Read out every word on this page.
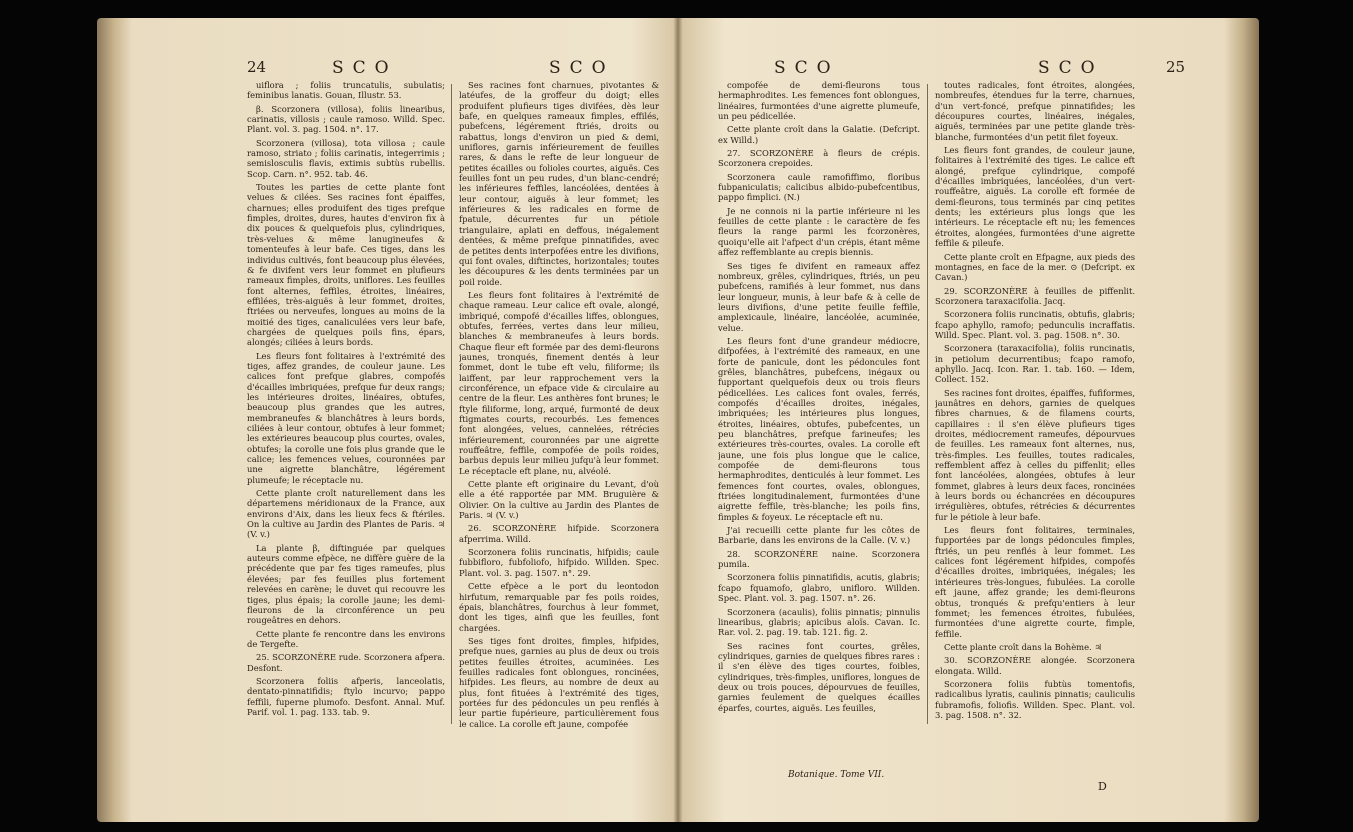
24	SCO	SCO

uiflora ; foliis truncatulis, subulatis; feminibus lanatis. Gouan, Illustr. 53.

β. Scorzonera (villosa), foliis linearibus, carinatis, villosis ; caule ramoso. Willd. Spec. Plant. vol. 3. pag. 1504. n°. 17.

Scorzonera (villosa), tota villosa ; caule ramoso, striato ; foliis carinatis, integerrimis ; semislosculis flavis, extimis subtùs rubellis. Scop. Carn. n°. 952. tab. 46.

Toutes les parties de cette plante font velues & cilées. Ses racines font épaiffes, charnues; elles produifent des tiges prefque fimples, droites, dures, hautes d'environ fix à dix pouces & quelquefois plus, cylindriques, très-velues & même lanugineufes & tomenteufes à leur bafe. Ces tiges, dans les individus cultivés, font beaucoup plus élevées, & fe divifent vers leur fommet en plufieurs rameaux fimples, droits, uniflores. Les feuilles font alternes, feffiles, étroites, linéaires, effilées, très-aiguës à leur fommet, droites, ftriées ou nerveufes, longues au moins de la moitié des tiges, canaliculées vers leur bafe, chargées de quelques poils fins, épars, alongés; ciliées à leurs bords.

Les fleurs font folitaires à l'extrémité des tiges, affez grandes, de couleur jaune. Les calices font prefque glabres, compofés d'écailles imbriquées, prefque fur deux rangs; les intérieures droites, linéaires, obtufes, beaucoup plus grandes que les autres, membraneufes & blanchâtres à leurs bords, ciliées à leur contour, obtufes à leur fommet; les extérieures beaucoup plus courtes, ovales, obtufes; la corolle une fois plus grande que le calice; les femences velues, couronnées par une aigrette blanchâtre, légérement plumeufe; le réceptacle nu.

Cette plante croît naturellement dans les départemens méridionaux de la France, aux environs d'Aix, dans les lieux fecs & ftériles. On la cultive au Jardin des Plantes de Paris. ♃ (V. v.)

La plante β, diftinguée par quelques auteurs comme efpèce, ne diffère guère de la précédente que par fes tiges rameufes, plus élevées; par fes feuilles plus fortement relevées en carène; le duvet qui recouvre les tiges, plus épais; la corolle jaune; les demi-fleurons de la circonférence un peu rougeâtres en dehors.

Cette plante fe rencontre dans les environs de Tergefte.

25. SCORZONÈRE rude. Scorzonera afpera. Desfont.

Scorzonera foliis afperis, lanceolatis, dentato-pinnatifidis; ftylo incurvo; pappo feffili, fuperne plumofo. Desfont. Annal. Muf. Parif. vol. 1. pag. 133. tab. 9.

Ses racines font charnues, pivotantes & latéufes, de la groffeur du doigt; elles produifent plufieurs tiges divifées, dès leur bafe, en quelques rameaux fimples, effilés, pubefcens, légérement ftriés, droits ou rabattus, longs d'environ un pied & demi, uniflores, garnis inférieurement de feuilles rares, & dans le refte de leur longueur de petites écailles ou folioles courtes, aiguës. Ces feuilles font un peu rudes, d'un blanc-cendré; les inférieures feffiles, lancéolées, dentées à leur contour, aiguës à leur fommet; les inférieures & les radicales en forme de fpatule, décurrentes fur un pétiole triangulaire, aplati en deffous, inégalement dentées, & même prefque pinnatifides, avec de petites dents interpofées entre les divifions, qui font ovales, diftinctes, horizontales; toutes les découpures & les dents terminées par un poil roide.

Les fleurs font folitaires à l'extrémité de chaque rameau. Leur calice eft ovale, alongé, imbriqué, compofé d'écailles liffes, oblongues, obtufes, ferrées, vertes dans leur milieu, blanches & membraneufes à leurs bords. Chaque fleur eft formée par des demi-fleurons jaunes, tronqués, finement dentés à leur fommet, dont le tube eft velu, filiforme; ils laiffent, par leur rapprochement vers la circonférence, un efpace vide & circulaire au centre de la fleur. Les anthères font brunes; le ftyle filiforme, long, arqué, furmonté de deux ftigmates courts, recourbés. Les femences font alongées, velues, cannelées, rétrécies inférieurement, couronnées par une aigrette rouffeâtre, feffile, compofée de poils roides, barbus depuis leur milieu jufqu'à leur fommet. Le réceptacle eft plane, nu, alvéolé.

Cette plante eft originaire du Levant, d'où elle a été rapportée par MM. Bruguière & Olivier. On la cultive au Jardin des Plantes de Paris. ♃ (V. v.)

26. SCORZONÈRE hifpide. Scorzonera afperrima. Willd.

Scorzonera foliis runcinatis, hifpidis; caule fubbifloro, fubfoliofo, hifpido. Willden. Spec. Plant. vol. 3. pag. 1507. n°. 29.

Cette efpèce a le port du leontodon hirfutum, remarquable par fes poils roides, épais, blanchâtres, fourchus à leur fommet, dont les tiges, ainfi que les feuilles, font chargées.

Ses tiges font droites, fimples, hifpides, prefque nues, garnies au plus de deux ou trois petites feuilles étroites, acuminées. Les feuilles radicales font oblongues, roncinées, hifpides. Les fleurs, au nombre de deux au plus, font fituées à l'extrémité des tiges, portées fur des pédoncules un peu renflés à leur partie fupérieure, particulièrement fous le calice. La corolle eft jaune, compofée

SCO	SCO	25

compofée de demi-fleurons tous hermaphrodites. Les femences font oblongues, linéaires, furmontées d'une aigrette plumeufe, un peu pédicellée.

Cette plante croît dans la Galatie. (Defcript. ex Willd.)

27. SCORZONÈRE à fleurs de crépis. Scorzonera crepoides.

Scorzonera caule ramofiffimo, floribus fubpaniculatis; calicibus albido-pubefcentibus, pappo fimplici. (N.)

Je ne connois ni la partie inférieure ni les feuilles de cette plante : le caractère de fes fleurs la range parmi les fcorzonères, quoiqu'elle ait l'afpect d'un crépis, étant même affez reffemblante au crepis biennis.

Ses tiges fe divifent en rameaux affez nombreux, grêles, cylindriques, ftriés, un peu pubefcens, ramifiés à leur fommet, nus dans leur longueur, munis, à leur bafe & à celle de leurs divifions, d'une petite feuille feffile, amplexicaule, linéaire, lancéolée, acuminée, velue.

Les fleurs font d'une grandeur médiocre, difpofées, à l'extrémité des rameaux, en une forte de panicule, dont les pédoncules font grêles, blanchâtres, pubefcens, inégaux ou fupportant quelquefois deux ou trois fleurs pédicellées. Les calices font ovales, ferrés, compofés d'écailles droites, inégales, imbriquées; les intérieures plus longues, étroites, linéaires, obtufes, pubefcentes, un peu blanchâtres, prefque farineufes; les extérieures très-courtes, ovales. La corolle eft jaune, une fois plus longue que le calice, compofée de demi-fleurons tous hermaphrodites, denticulés à leur fommet. Les femences font courtes, ovales, oblongues, ftriées longitudinalement, furmontées d'une aigrette feffile, très-blanche; les poils fins, fimples & foyeux. Le réceptacle eft nu.

J'ai recueilli cette plante fur les côtes de Barbarie, dans les environs de la Calle. (V. v.)

28. SCORZONÈRE naine. Scorzonera pumila.

Scorzonera foliis pinnatifidis, acutis, glabris; fcapo fquamofo, glabro, unifloro. Willden. Spec. Plant. vol. 3. pag. 1507. n°. 26.

Scorzonera (acaulis), foliis pinnatis; pinnulis linearibus, glabris; apicibus aloïs. Cavan. Ic. Rar. vol. 2. pag. 19. tab. 121. fig. 2.

Ses racines font courtes, grêles, cylindriques, garnies de quelques fibres rares : il s'en élève des tiges courtes, foibles, cylindriques, très-fimples, uniflores, longues de deux ou trois pouces, dépourvues de feuilles, garnies feulement de quelques écailles éparfes, courtes, aiguës. Les feuilles,

toutes radicales, font étroites, alongées, nombreufes, étendues fur la terre, charnues, d'un vert-foncé, prefque pinnatifides; les découpures courtes, linéaires, inégales, aiguës, terminées par une petite glande très-blanche, furmontées d'un petit filet foyeux.

Les fleurs font grandes, de couleur jaune, folitaires à l'extrémité des tiges. Le calice eft alongé, prefque cylindrique, compofé d'écailles imbriquées, lancéolées, d'un vert-rouffeâtre, aiguës. La corolle eft formée de demi-fleurons, tous terminés par cinq petites dents; les extérieurs plus longs que les intérieurs. Le réceptacle eft nu; les femences étroites, alongées, furmontées d'une aigrette feffile & pileufe.

Cette plante croît en Efpagne, aux pieds des montagnes, en face de la mer. ⊙ (Defcript. ex Cavan.)

29. SCORZONÈRE à feuilles de piffenlit. Scorzonera taraxacifolia. Jacq.

Scorzonera foliis runcinatis, obtufis, glabris; fcapo aphyllo, ramofo; pedunculis incraffatis. Willd. Spec. Plant. vol. 3. pag. 1508. n°. 30.

Scorzonera (taraxacifolia), foliis runcinatis, in petiolum decurrentibus; fcapo ramofo, aphyllo. Jacq. Icon. Rar. 1. tab. 160. — Idem, Collect. 152.

Ses racines font droites, épaiffes, fufiformes, jaunâtres en dehors, garnies de quelques fibres charnues, & de filamens courts, capillaires : il s'en élève plufieurs tiges droites, médiocrement rameufes, dépourvues de feuilles. Les rameaux font alternes, nus, très-fimples. Les feuilles, toutes radicales, reffemblent affez à celles du piffenlit; elles font lancéolées, alongées, obtufes à leur fommet, glabres à leurs deux faces, roncinées à leurs bords ou échancrées en découpures irrégulières, obtufes, rétrécies & décurrentes fur le pétiole à leur bafe.

Les fleurs font folitaires, terminales, fupportées par de longs pédoncules fimples, ftriés, un peu renflés à leur fommet. Les calices font légérement hifpides, compofés d'écailles droites, imbriquées, inégales; les intérieures très-longues, fubulées. La corolle eft jaune, affez grande; les demi-fleurons obtus, tronqués & prefqu'entiers à leur fommet; les femences étroites, fubulées, furmontées d'une aigrette courte, fimple, feffile.

Cette plante croît dans la Bohème. ♃

30. SCORZONÈRE alongée. Scorzonera elongata. Willd.

Scorzonera foliis fubtùs tomentofis, radicalibus lyratis, caulinis pinnatis; cauliculis fubramofis, foliofis. Willden. Spec. Plant. vol. 3. pag. 1508. n°. 32.

Botanique. Tome VII.
D
